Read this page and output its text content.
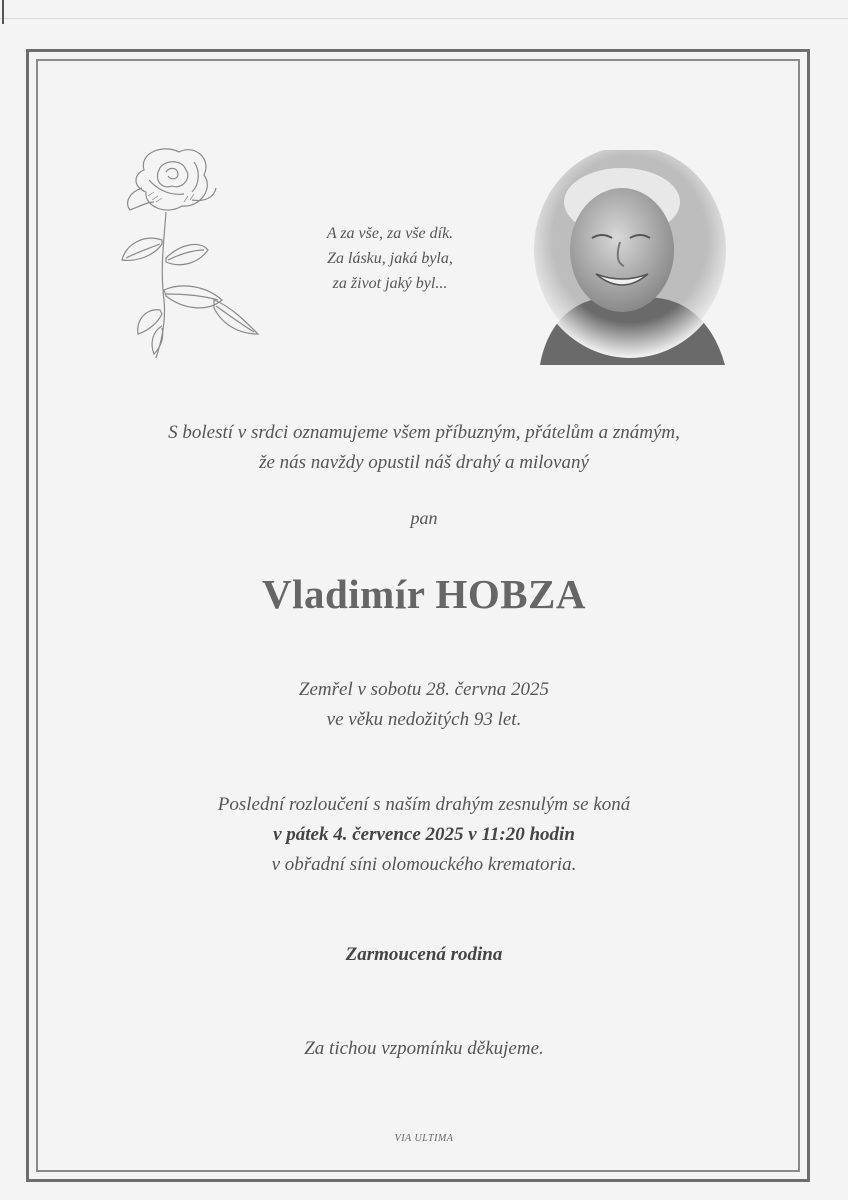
A za vše, za vše dík.
Za lásku, jaká byla,
za život jaký byl...
S bolestí v srdci oznamujeme všem příbuzným, přátelům a známým,
že nás navždy opustil náš drahý a milovaný
pan
Vladimír HOBZA
Zemřel v sobotu 28. června 2025
ve věku nedožitých 93 let.
Poslední rozloučení s naším drahým zesnulým se koná
v pátek 4. července 2025 v 11:20 hodin
v obřadní síni olomouckého krematoria.
Zarmoucená rodina
Za tichou vzpomínku děkujeme.
VIA ULTIMA
